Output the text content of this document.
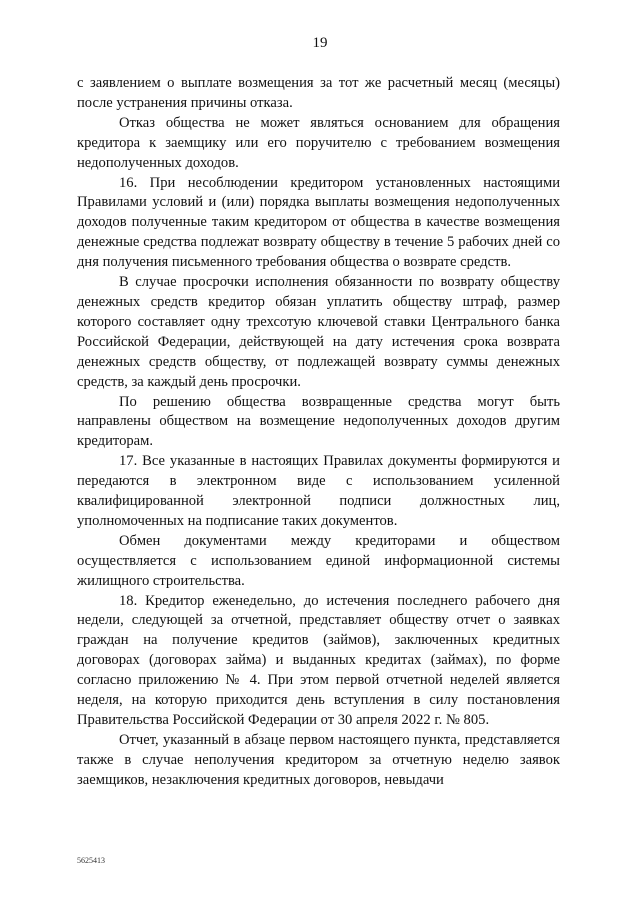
19

с заявлением о выплате возмещения за тот же расчетный месяц (месяцы) после устранения причины отказа.

Отказ общества не может являться основанием для обращения кредитора к заемщику или его поручителю с требованием возмещения недополученных доходов.

16. При несоблюдении кредитором установленных настоящими Правилами условий и (или) порядка выплаты возмещения недополученных доходов полученные таким кредитором от общества в качестве возмещения денежные средства подлежат возврату обществу в течение 5 рабочих дней со дня получения письменного требования общества о возврате средств.

В случае просрочки исполнения обязанности по возврату обществу денежных средств кредитор обязан уплатить обществу штраф, размер которого составляет одну трехсотую ключевой ставки Центрального банка Российской Федерации, действующей на дату истечения срока возврата денежных средств обществу, от подлежащей возврату суммы денежных средств, за каждый день просрочки.

По решению общества возвращенные средства могут быть направлены обществом на возмещение недополученных доходов другим кредиторам.

17. Все указанные в настоящих Правилах документы формируются и передаются в электронном виде с использованием усиленной квалифицированной электронной подписи должностных лиц, уполномоченных на подписание таких документов.

Обмен документами между кредиторами и обществом осуществляется с использованием единой информационной системы жилищного строительства.

18. Кредитор еженедельно, до истечения последнего рабочего дня недели, следующей за отчетной, представляет обществу отчет о заявках граждан на получение кредитов (займов), заключенных кредитных договорах (договорах займа) и выданных кредитах (займах), по форме согласно приложению № 4. При этом первой отчетной неделей является неделя, на которую приходится день вступления в силу постановления Правительства Российской Федерации от 30 апреля 2022 г. № 805.

Отчет, указанный в абзаце первом настоящего пункта, представляется также в случае неполучения кредитором за отчетную неделю заявок заемщиков, незаключения кредитных договоров, невыдачи

5625413
